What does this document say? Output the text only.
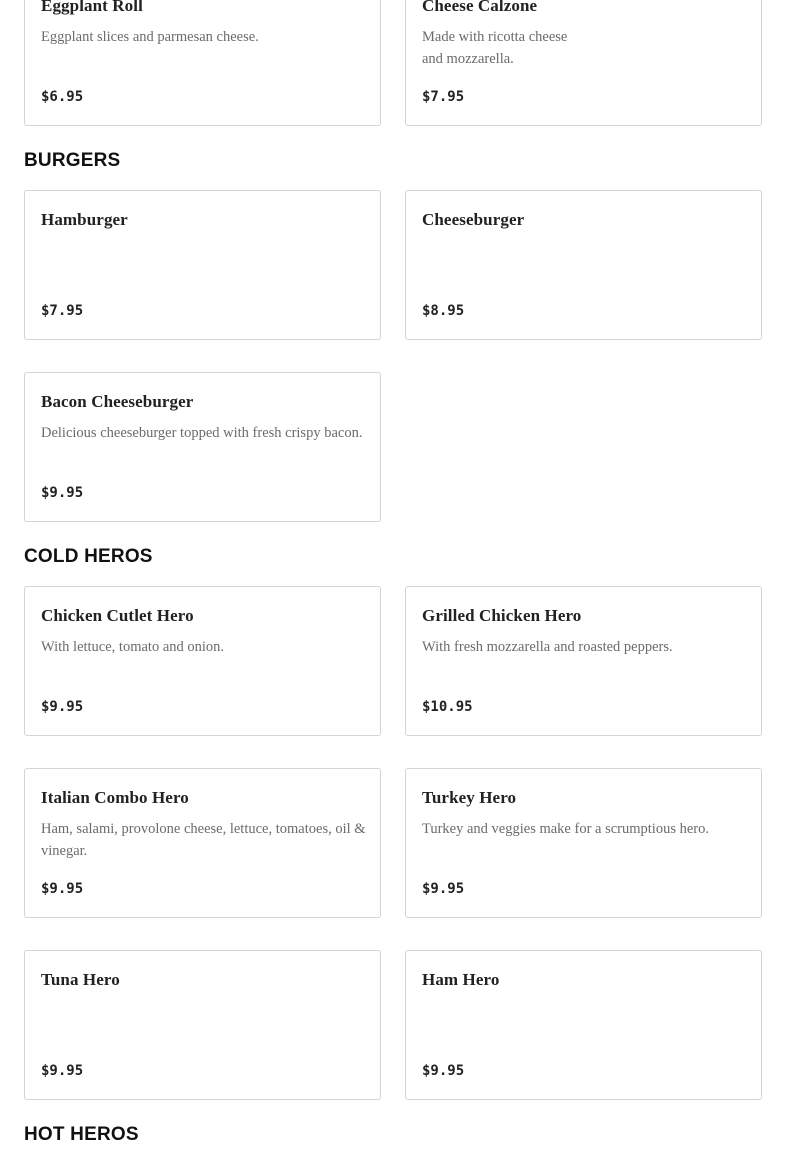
Eggplant Roll
Eggplant slices and parmesan cheese.
$6.95
Cheese Calzone
Made with ricotta cheese
and mozzarella.
$7.95
BURGERS
Hamburger
$7.95
Cheeseburger
$8.95
Bacon Cheeseburger
Delicious cheeseburger topped with fresh crispy bacon.
$9.95
COLD HEROS
Chicken Cutlet Hero
With lettuce, tomato and onion.
$9.95
Grilled Chicken Hero
With fresh mozzarella and roasted peppers.
$10.95
Italian Combo Hero
Ham, salami, provolone cheese, lettuce, tomatoes, oil & vinegar.
$9.95
Turkey Hero
Turkey and veggies make for a scrumptious hero.
$9.95
Tuna Hero
$9.95
Ham Hero
$9.95
HOT HEROS
